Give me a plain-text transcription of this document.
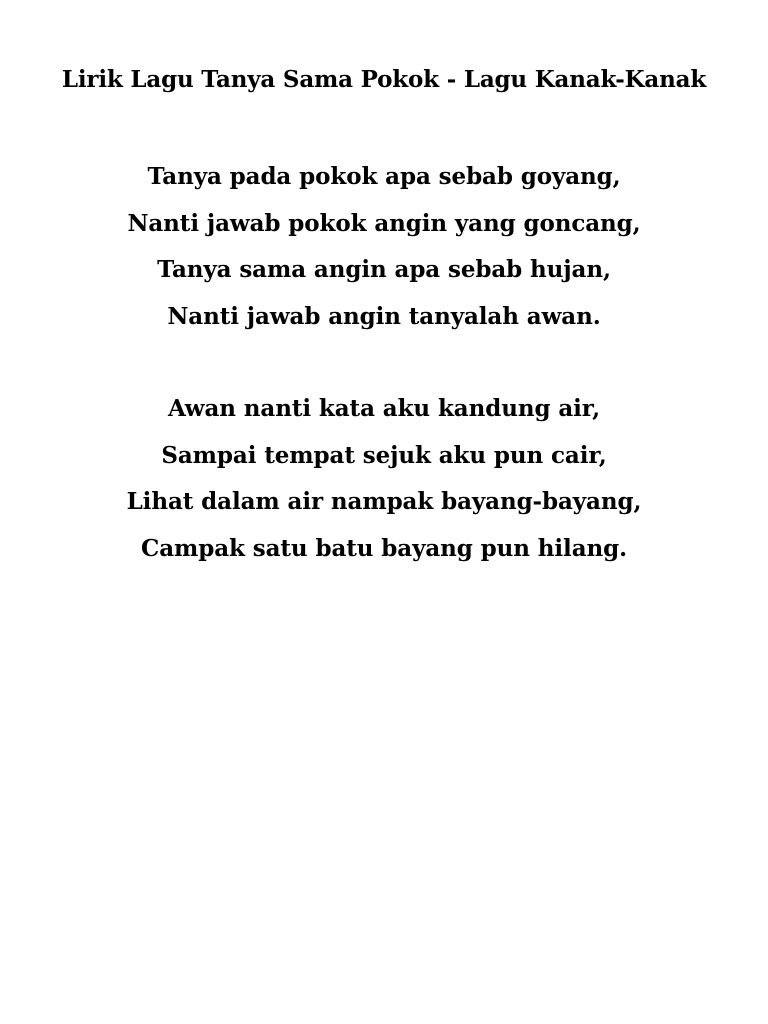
Lirik Lagu Tanya Sama Pokok - Lagu Kanak-Kanak
Tanya pada pokok apa sebab goyang,
Nanti jawab pokok angin yang goncang,
Tanya sama angin apa sebab hujan,
Nanti jawab angin tanyalah awan.
Awan nanti kata aku kandung air,
Sampai tempat sejuk aku pun cair,
Lihat dalam air nampak bayang-bayang,
Campak satu batu bayang pun hilang.
